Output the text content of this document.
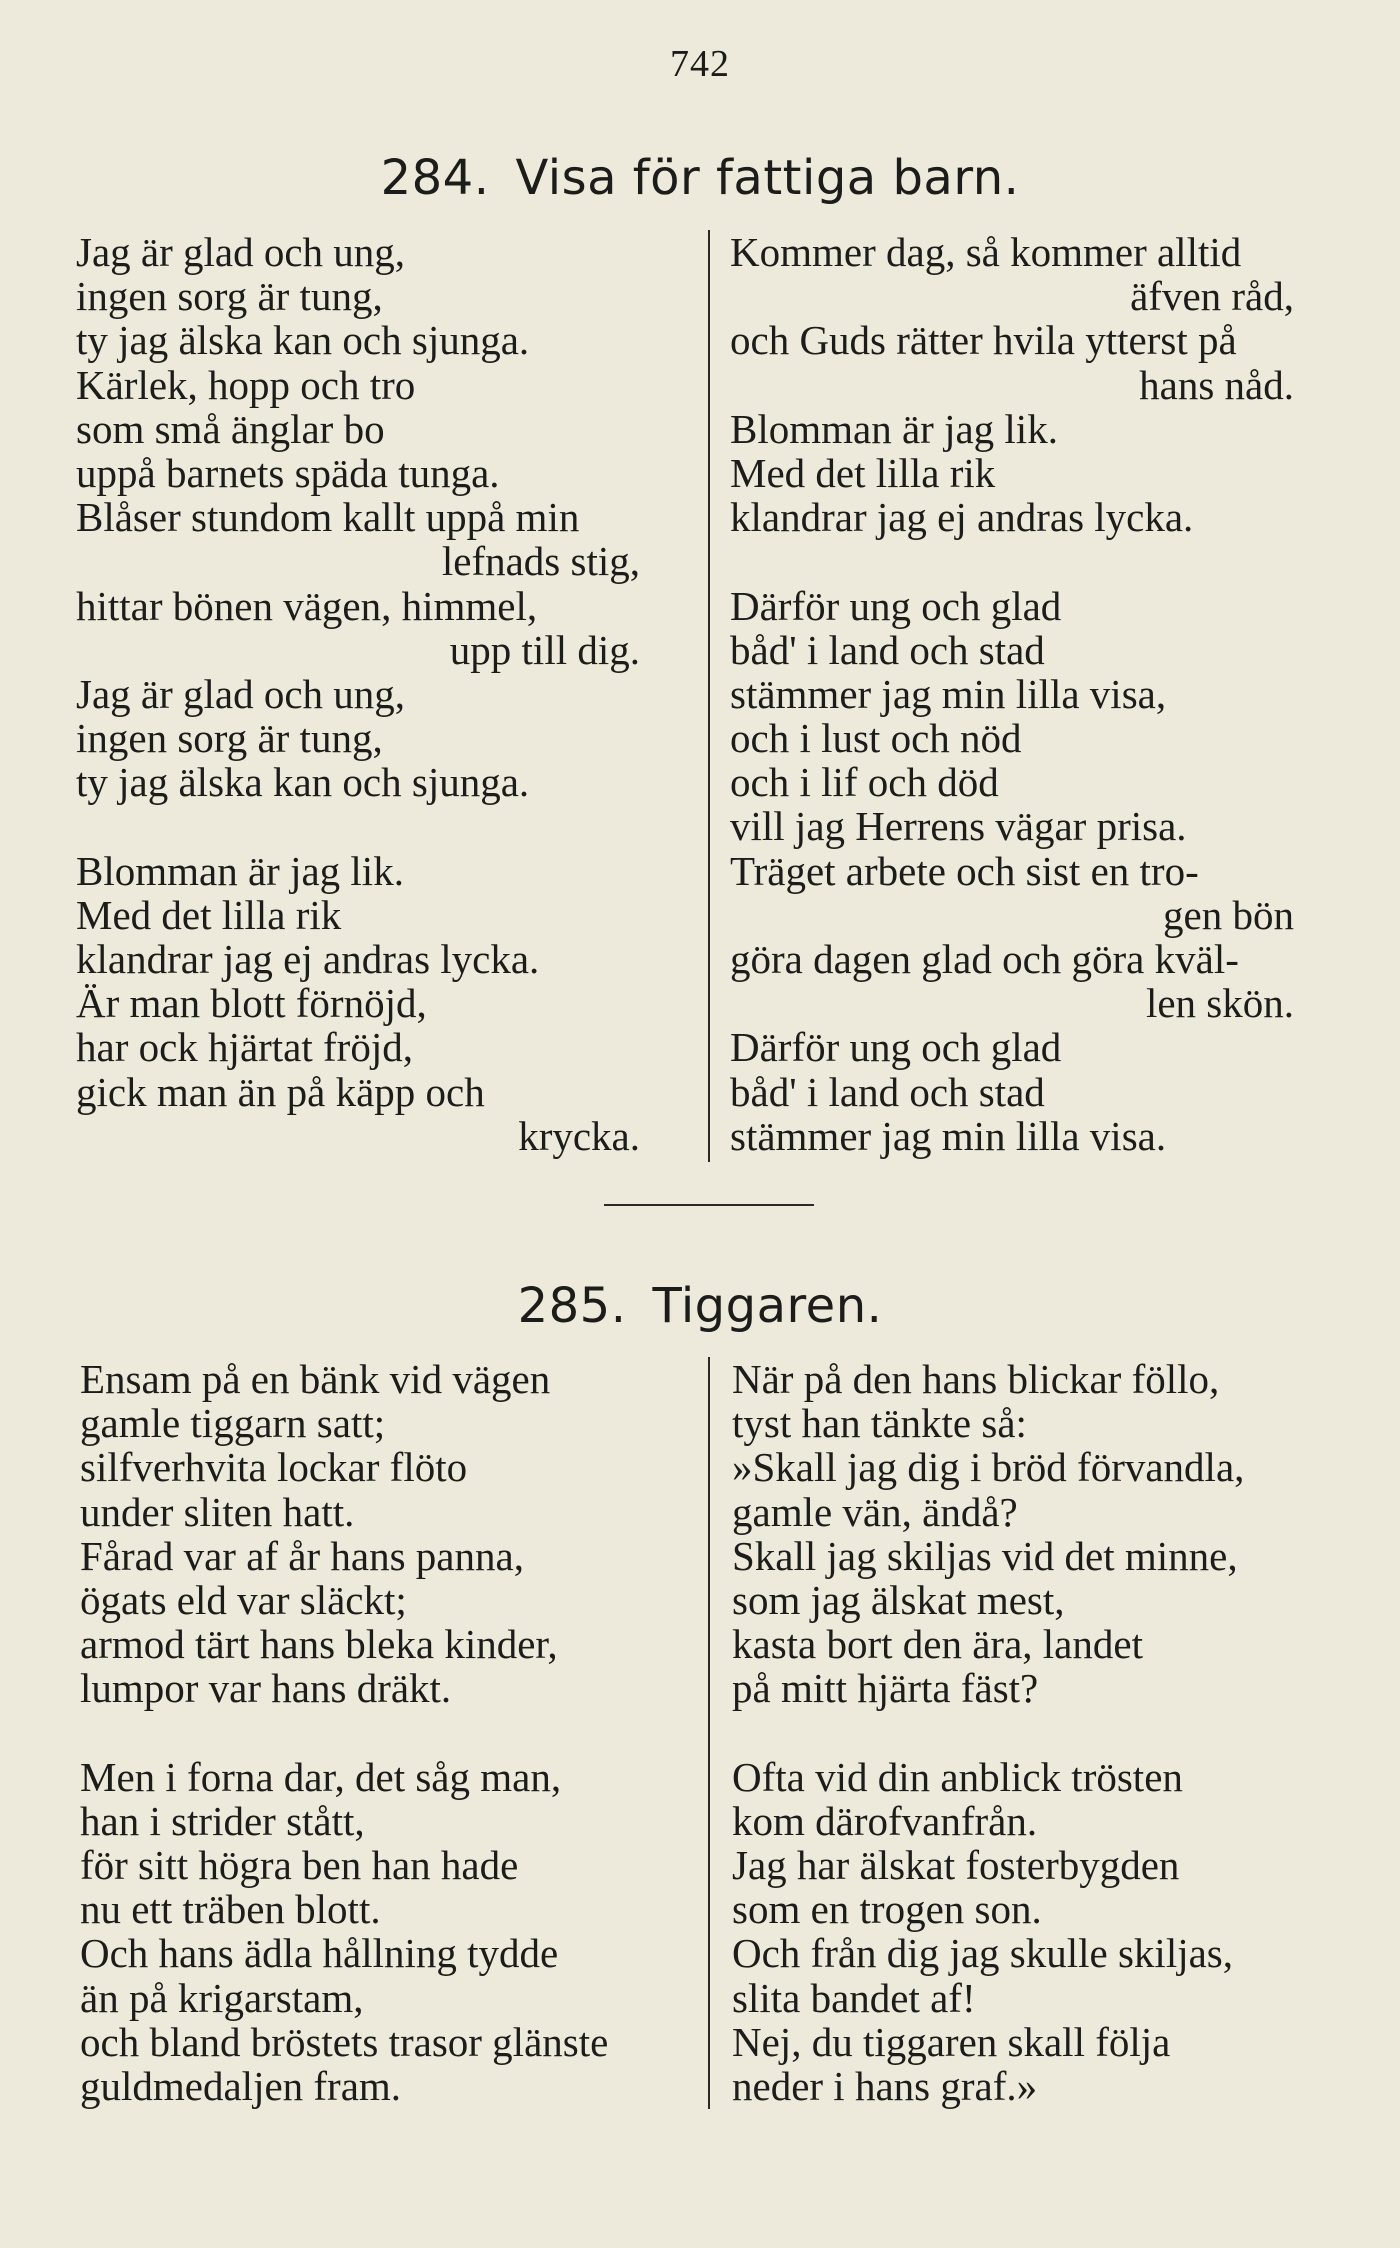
742
284. Visa för fattiga barn.
Jag är glad och ung,
ingen sorg är tung,
ty jag älska kan och sjunga.
Kärlek, hopp och tro
som små änglar bo
uppå barnets späda tunga.
Blåser stundom kallt uppå min
lefnads stig,
hittar bönen vägen, himmel,
upp till dig.
Jag är glad och ung,
ingen sorg är tung,
ty jag älska kan och sjunga.
Blomman är jag lik.
Med det lilla rik
klandrar jag ej andras lycka.
Är man blott förnöjd,
har ock hjärtat fröjd,
gick man än på käpp och
krycka.
Kommer dag, så kommer alltid
äfven råd,
och Guds rätter hvila ytterst på
hans nåd.
Blomman är jag lik.
Med det lilla rik
klandrar jag ej andras lycka.
Därför ung och glad
båd' i land och stad
stämmer jag min lilla visa,
och i lust och nöd
och i lif och död
vill jag Herrens vägar prisa.
Träget arbete och sist en tro-
gen bön
göra dagen glad och göra kväl-
len skön.
Därför ung och glad
båd' i land och stad
stämmer jag min lilla visa.
285. Tiggaren.
Ensam på en bänk vid vägen
gamle tiggarn satt;
silfverhvita lockar flöto
under sliten hatt.
Fårad var af år hans panna,
ögats eld var släckt;
armod tärt hans bleka kinder,
lumpor var hans dräkt.
Men i forna dar, det såg man,
han i strider stått,
för sitt högra ben han hade
nu ett träben blott.
Och hans ädla hållning tydde
än på krigarstam,
och bland bröstets trasor glänste
guldmedaljen fram.
När på den hans blickar föllo,
tyst han tänkte så:
»Skall jag dig i bröd förvandla,
gamle vän, ändå?
Skall jag skiljas vid det minne,
som jag älskat mest,
kasta bort den ära, landet
på mitt hjärta fäst?
Ofta vid din anblick trösten
kom därofvanfrån.
Jag har älskat fosterbygden
som en trogen son.
Och från dig jag skulle skiljas,
slita bandet af!
Nej, du tiggaren skall följa
neder i hans graf.»
